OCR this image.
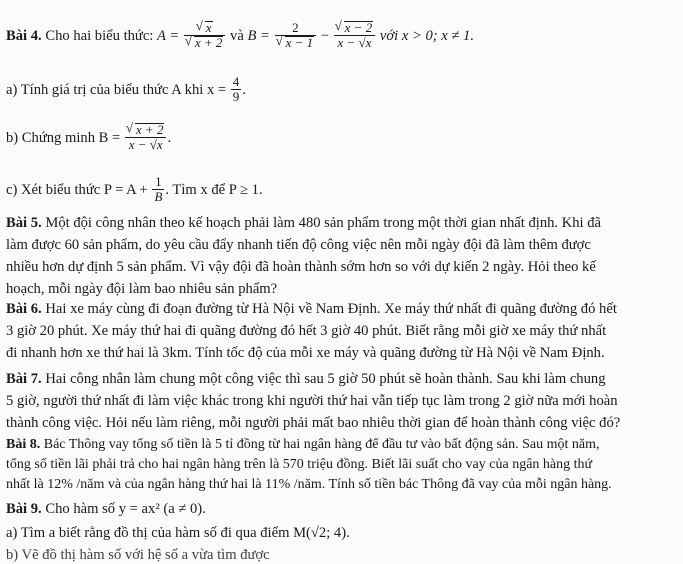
Bài 4. Cho hai biểu thức: A = √ x
√ x + 2 và B = 2
√ x − 1 − √ $\frac{x - 2}{x - √x}$ với x > 0; x ≠ 1.
a) Tính giá trị của biểu thức A khi $x = \frac{4}{9}$ .
b) Chứng minh B = √ $\frac{x + 2}{x - √x}$ .
c) Xét biểu thức $P = A + \frac{1}{B}$ . Tìm x để P ≥ 1.
Bài 5. Một đội công nhân theo kế hoạch phải làm 480 sản phẩm trong một thời gian nhất định. Khi đã
làm được 60 sản phẩm, do yêu cầu đẩy nhanh tiến độ công việc nên mỗi ngày đội đã làm thêm được
nhiều hơn dự định 5 sản phẩm. Vì vậy đội đã hoàn thành sớm hơn so với dự kiến 2 ngày. Hỏi theo kế
hoạch, mỗi ngày đội làm bao nhiêu sản phẩm?
Bài 6. Hai xe máy cùng đi đoạn đường từ Hà Nội về Nam Định. Xe máy thứ nhất đi quãng đường đó hết
3 giờ 20 phút. Xe máy thứ hai đi quãng đường đó hết 3 giờ 40 phút. Biết rằng mỗi giờ xe máy thứ nhất
đi nhanh hơn xe thứ hai là 3km. Tính tốc độ của mỗi xe máy và quãng đường từ Hà Nội về Nam Định.
Bài 7. Hai công nhân làm chung một công việc thì sau 5 giờ 50 phút sẽ hoàn thành. Sau khi làm chung
5 giờ, người thứ nhất đi làm việc khác trong khi người thứ hai vẫn tiếp tục làm trong 2 giờ nữa mới hoàn
thành công việc. Hỏi nếu làm riêng, mỗi người phải mất bao nhiêu thời gian để hoàn thành công việc đó?
Bài 8. Bác Thông vay tổng số tiền là 5 tỉ đồng từ hai ngân hàng để đầu tư vào bất động sản. Sau một năm,
tổng số tiền lãi phải trả cho hai ngân hàng trên là 570 triệu đồng. Biết lãi suất cho vay của ngân hàng thứ
nhất là 12% /năm và của ngân hàng thứ hai là 11% /năm. Tính số tiền bác Thông đã vay của mỗi ngân hàng.
Bài 9. Cho hàm số y = ax² (a ≠ 0).
a) Tìm a biết rằng đồ thị của hàm số đi qua điểm M(√2; 4).
b) Vẽ đồ thị hàm số với hệ số a vừa tìm được
